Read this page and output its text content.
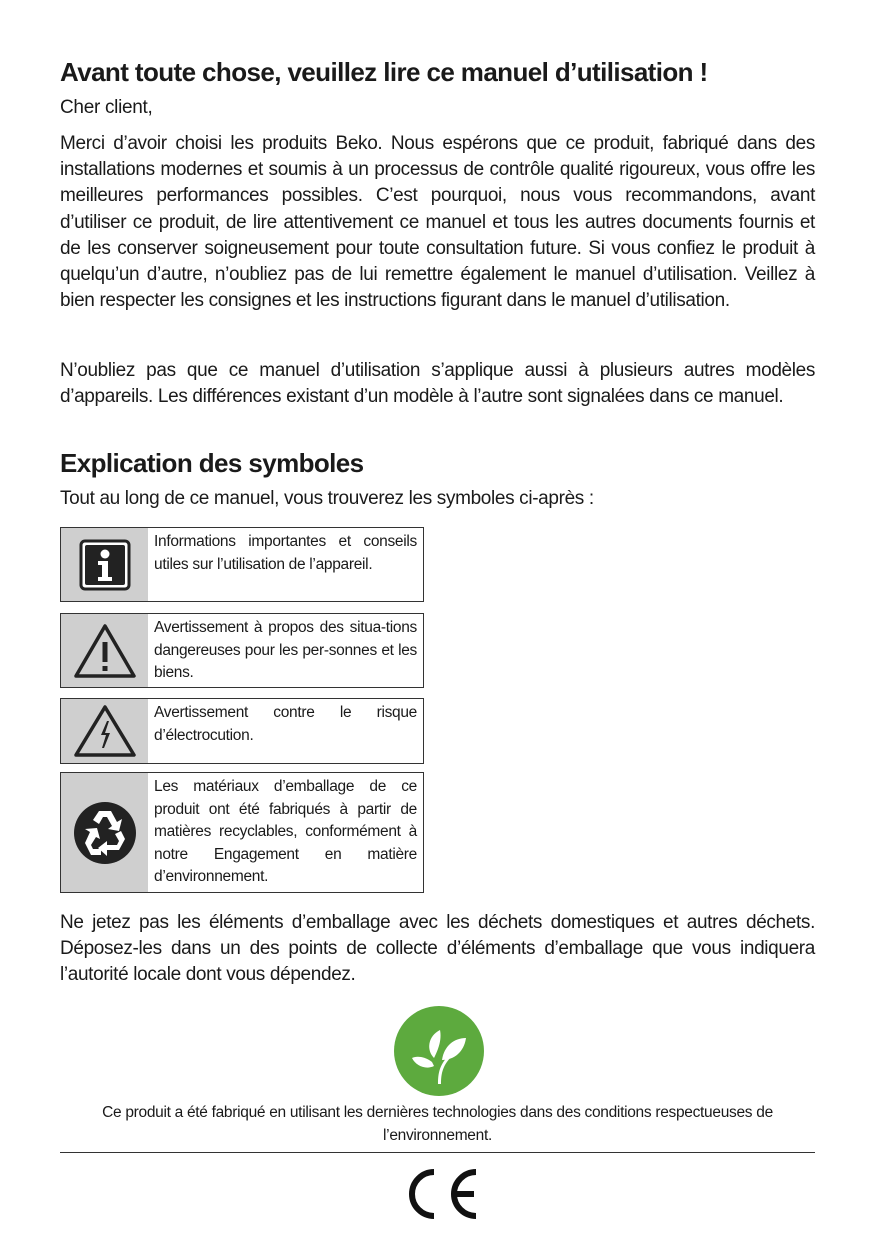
Avant toute chose, veuillez lire ce manuel d’utilisation !
Cher client,

Merci d’avoir choisi les produits Beko. Nous espérons que ce produit, fabriqué dans des installations modernes et soumis à un processus de contrôle qualité rigoureux, vous offre les meilleures performances possibles. C’est pourquoi, nous vous recommandons, avant d’utiliser ce produit, de lire attentivement ce manuel et tous les autres documents fournis et de les conserver soigneusement pour toute consultation future. Si vous confiez le produit à quelqu’un d’autre, n’oubliez pas de lui remettre également le manuel d’utilisation. Veillez à bien respecter les consignes et les instructions figurant dans le manuel d’utilisation.

N’oubliez pas que ce manuel d’utilisation s’applique aussi à plusieurs autres modèles d’appareils. Les différences existant d’un modèle à l’autre sont signalées dans ce manuel.

Explication des symboles
Tout au long de ce manuel, vous trouverez les symboles ci-après :
Informations importantes et conseils utiles sur l’utilisation de l’appareil.
Avertissement à propos des situa-tions dangereuses pour les per-sonnes et les biens.
Avertissement contre le risque d’électrocution.
Les matériaux d’emballage de ce produit ont été fabriqués à partir de matières recyclables, conformément à notre Engagement en matière d’environnement.

Ne jetez pas les éléments d’emballage avec les déchets domestiques et autres déchets. Déposez-les dans un des points de collecte d’éléments d’emballage que vous indiquera l’autorité locale dont vous dépendez.

Ce produit a été fabriqué en utilisant les dernières technologies dans des conditions respectueuses de l’environnement.
